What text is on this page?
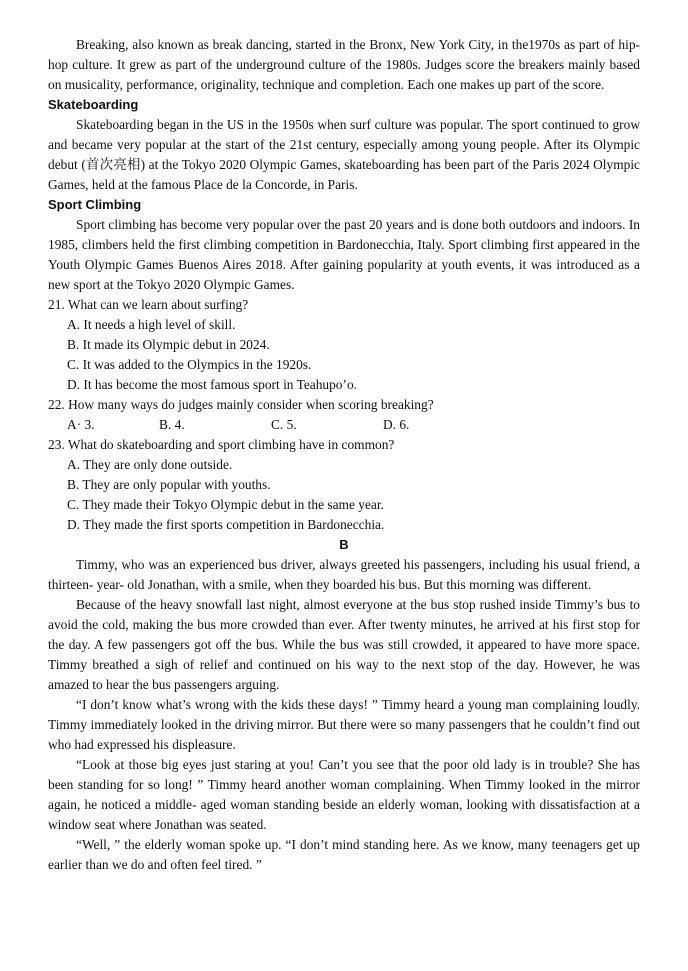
Breaking, also known as break dancing, started in the Bronx, New York City, in the1970s as part of hip- hop culture. It grew as part of the underground culture of the 1980s. Judges score the breakers mainly based on musicality, performance, originality, technique and completion. Each one makes up part of the score.

Skateboarding

Skateboarding began in the US in the 1950s when surf culture was popular. The sport continued to grow and became very popular at the start of the 21st century, especially among young people. After its Olympic debut (首次亮相) at the Tokyo 2020 Olympic Games, skateboarding has been part of the Paris 2024 Olympic Games, held at the famous Place de la Concorde, in Paris.

Sport Climbing

Sport climbing has become very popular over the past 20 years and is done both outdoors and indoors. In 1985, climbers held the first climbing competition in Bardonecchia, Italy. Sport climbing first appeared in the Youth Olympic Games Buenos Aires 2018. After gaining popularity at youth events, it was introduced as a new sport at the Tokyo 2020 Olympic Games.

21. What can we learn about surfing?

A. It needs a high level of skill.

B. It made its Olympic debut in 2024.

C. It was added to the Olympics in the 1920s.

D. It has become the most famous sport in Teahupo’o.

22. How many ways do judges mainly consider when scoring breaking?

A· 3.	B. 4.	C. 5.	D. 6.

23. What do skateboarding and sport climbing have in common?

A. They are only done outside.

B. They are only popular with youths.

C. They made their Tokyo Olympic debut in the same year.

D. They made the first sports competition in Bardonecchia.

B

Timmy, who was an experienced bus driver, always greeted his passengers, including his usual friend, a thirteen- year- old Jonathan, with a smile, when they boarded his bus. But this morning was different.

Because of the heavy snowfall last night, almost everyone at the bus stop rushed inside Timmy’s bus to avoid the cold, making the bus more crowded than ever. After twenty minutes, he arrived at his first stop for the day. A few passengers got off the bus. While the bus was still crowded, it appeared to have more space. Timmy breathed a sigh of relief and continued on his way to the next stop of the day. However, he was amazed to hear the bus passengers arguing.

“I don’t know what’s wrong with the kids these days! ” Timmy heard a young man complaining loudly. Timmy immediately looked in the driving mirror. But there were so many passengers that he couldn’t find out who had expressed his displeasure.

“Look at those big eyes just staring at you! Can’t you see that the poor old lady is in trouble? She has been standing for so long! ” Timmy heard another woman complaining. When Timmy looked in the mirror again, he noticed a middle- aged woman standing beside an elderly woman, looking with dissatisfaction at a window seat where Jonathan was seated.

“Well, ” the elderly woman spoke up. “I don’t mind standing here. As we know, many teenagers get up earlier than we do and often feel tired. ”
